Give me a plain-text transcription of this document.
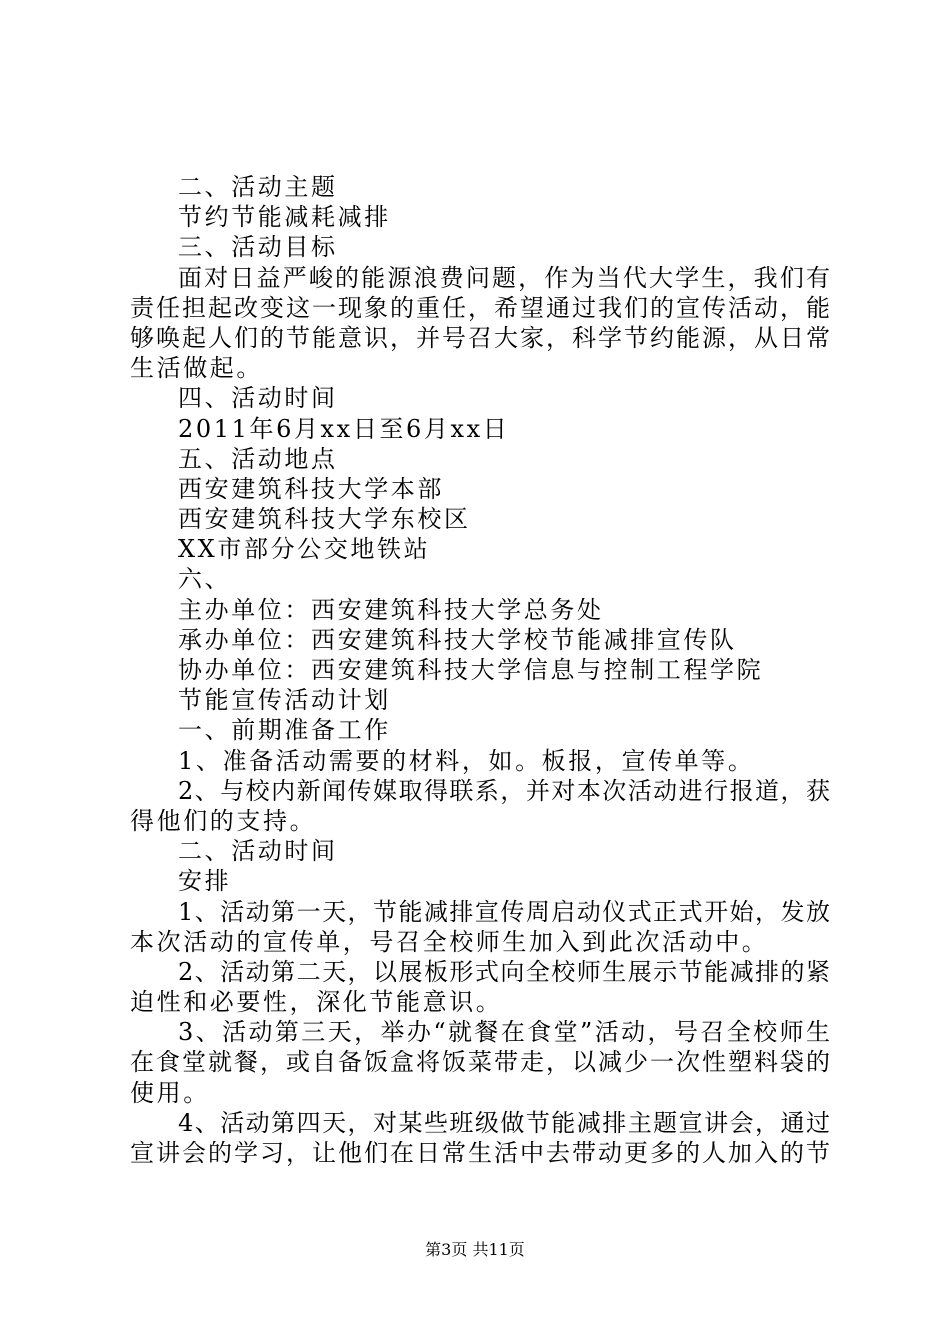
二、活动主题
节约节能减耗减排
三、活动目标
面对日益严峻的能源浪费问题，作为当代大学生，我们有
责任担起改变这一现象的重任，希望通过我们的宣传活动，能
够唤起人们的节能意识，并号召大家，科学节约能源，从日常
生活做起。
四、活动时间
2011年6月xx日至6月xx日
五、活动地点
西安建筑科技大学本部
西安建筑科技大学东校区
XX市部分公交地铁站
六、
主办单位：西安建筑科技大学总务处
承办单位：西安建筑科技大学校节能减排宣传队
协办单位：西安建筑科技大学信息与控制工程学院
节能宣传活动计划
一、前期准备工作
1、准备活动需要的材料，如。板报，宣传单等。
2、与校内新闻传媒取得联系，并对本次活动进行报道，获
得他们的支持。
二、活动时间
安排
1、活动第一天，节能减排宣传周启动仪式正式开始，发放
本次活动的宣传单，号召全校师生加入到此次活动中。
2、活动第二天，以展板形式向全校师生展示节能减排的紧
迫性和必要性，深化节能意识。
3、活动第三天，举办“就餐在食堂”活动，号召全校师生
在食堂就餐，或自备饭盒将饭菜带走，以减少一次性塑料袋的
使用。
4、活动第四天，对某些班级做节能减排主题宣讲会，通过
宣讲会的学习，让他们在日常生活中去带动更多的人加入的节
第3页 共11页
